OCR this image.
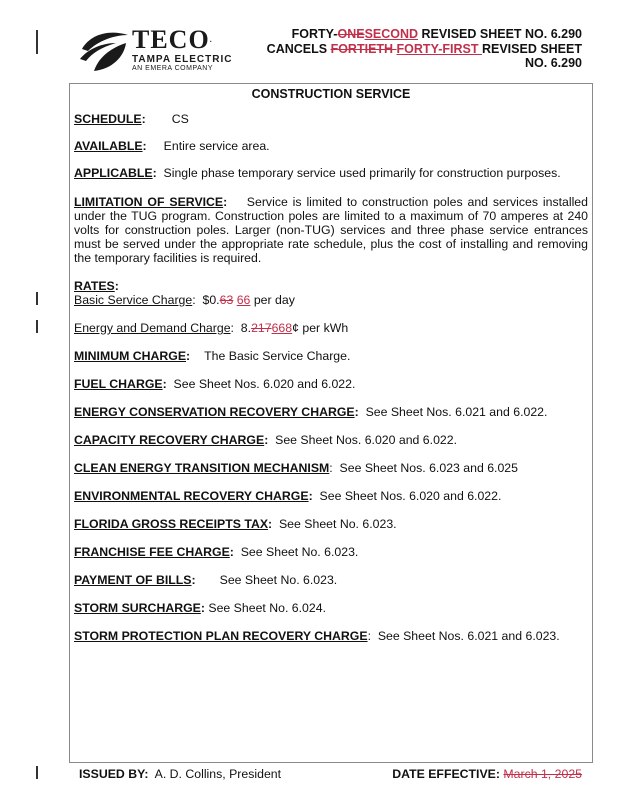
TECO.
TAMPA ELECTRIC
AN EMERA COMPANY
FORTY-ONESECOND REVISED SHEET NO. 6.290
CANCELS FORTIETH FORTY-FIRST REVISED SHEET
NO. 6.290
CONSTRUCTION SERVICE
SCHEDULE: CS
AVAILABLE: Entire service area.
APPLICABLE: Single phase temporary service used primarily for construction purposes.
LIMITATION OF SERVICE: Service is limited to construction poles and services installed under the TUG program. Construction poles are limited to a maximum of 70 amperes at 240 volts for construction poles. Larger (non-TUG) services and three phase service entrances must be served under the appropriate rate schedule, plus the cost of installing and removing the temporary facilities is required.
RATES:
Basic Service Charge:  $0.63 66 per day
Energy and Demand Charge:  8.217668¢ per kWh
MINIMUM CHARGE: The Basic Service Charge.
FUEL CHARGE: See Sheet Nos. 6.020 and 6.022.
ENERGY CONSERVATION RECOVERY CHARGE: See Sheet Nos. 6.021 and 6.022.
CAPACITY RECOVERY CHARGE: See Sheet Nos. 6.020 and 6.022.
CLEAN ENERGY TRANSITION MECHANISM:  See Sheet Nos. 6.023 and 6.025
ENVIRONMENTAL RECOVERY CHARGE: See Sheet Nos. 6.020 and 6.022.
FLORIDA GROSS RECEIPTS TAX: See Sheet No. 6.023.
FRANCHISE FEE CHARGE: See Sheet No. 6.023.
PAYMENT OF BILLS: See Sheet No. 6.023.
STORM SURCHARGE: See Sheet No. 6.024.
STORM PROTECTION PLAN RECOVERY CHARGE:  See Sheet Nos. 6.021 and 6.023.
ISSUED BY: A. D. Collins, President	DATE EFFECTIVE: March 1, 2025
